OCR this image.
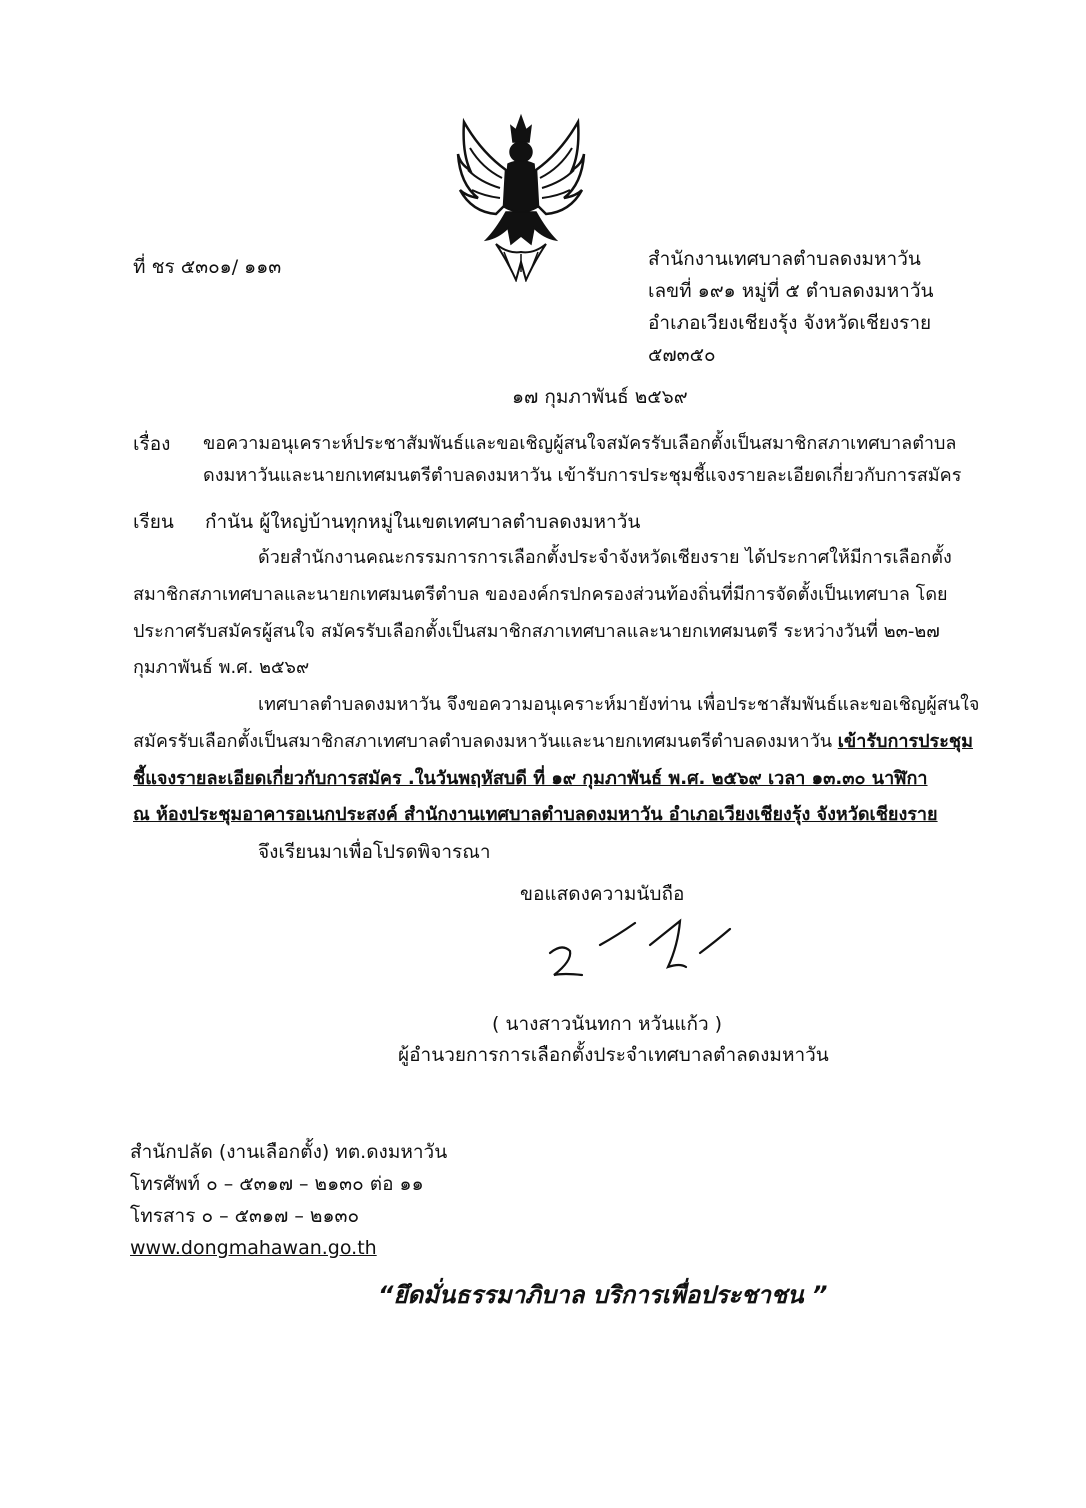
ที่ ชร ๕๓๐๑/ ๑๑๓	สำนักงานเทศบาลตำบลดงมหาวัน
เลขที่ ๑๙๑ หมู่ที่ ๕ ตำบลดงมหาวัน
อำเภอเวียงเชียงรุ้ง จังหวัดเชียงราย
๕๗๓๕๐
๑๗ กุมภาพันธ์ ๒๕๖๙
เรื่อง ขอความอนุเคราะห์ประชาสัมพันธ์และขอเชิญผู้สนใจสมัครรับเลือกตั้งเป็นสมาชิกสภาเทศบาลตำบล
ดงมหาวันและนายกเทศมนตรีตำบลดงมหาวัน เข้ารับการประชุมชี้แจงรายละเอียดเกี่ยวกับการสมัคร
เรียน กำนัน ผู้ใหญ่บ้านทุกหมู่ในเขตเทศบาลตำบลดงมหาวัน
ด้วยสำนักงานคณะกรรมการการเลือกตั้งประจำจังหวัดเชียงราย ได้ประกาศให้มีการเลือกตั้ง
สมาชิกสภาเทศบาลและนายกเทศมนตรีตำบล ขององค์กรปกครองส่วนท้องถิ่นที่มีการจัดตั้งเป็นเทศบาล โดย
ประกาศรับสมัครผู้สนใจ สมัครรับเลือกตั้งเป็นสมาชิกสภาเทศบาลและนายกเทศมนตรี ระหว่างวันที่ ๒๓-๒๗
กุมภาพันธ์ พ.ศ. ๒๕๖๙
เทศบาลตำบลดงมหาวัน จึงขอความอนุเคราะห์มายังท่าน เพื่อประชาสัมพันธ์และขอเชิญผู้สนใจ
สมัครรับเลือกตั้งเป็นสมาชิกสภาเทศบาลตำบลดงมหาวันและนายกเทศมนตรีตำบลดงมหาวัน เข้ารับการประชุม
ชี้แจงรายละเอียดเกี่ยวกับการสมัคร .ในวันพฤหัสบดี ที่ ๑๙ กุมภาพันธ์ พ.ศ. ๒๕๖๙ เวลา ๑๓.๓๐ นาฬิกา
ณ ห้องประชุมอาคารอเนกประสงค์ สำนักงานเทศบาลตำบลดงมหาวัน อำเภอเวียงเชียงรุ้ง จังหวัดเชียงราย
จึงเรียนมาเพื่อโปรดพิจารณา
ขอแสดงความนับถือ
( นางสาวนันทกา หวันแก้ว )
ผู้อำนวยการการเลือกตั้งประจำเทศบาลตำลดงมหาวัน
สำนักปลัด (งานเลือกตั้ง) ทต.ดงมหาวัน
โทรศัพท์ ๐ – ๕๓๑๗ – ๒๑๓๐ ต่อ ๑๑
โทรสาร ๐ – ๕๓๑๗ – ๒๑๓๐
www.dongmahawan.go.th
“ยึดมั่นธรรมาภิบาล บริการเพื่อประชาชน ”
